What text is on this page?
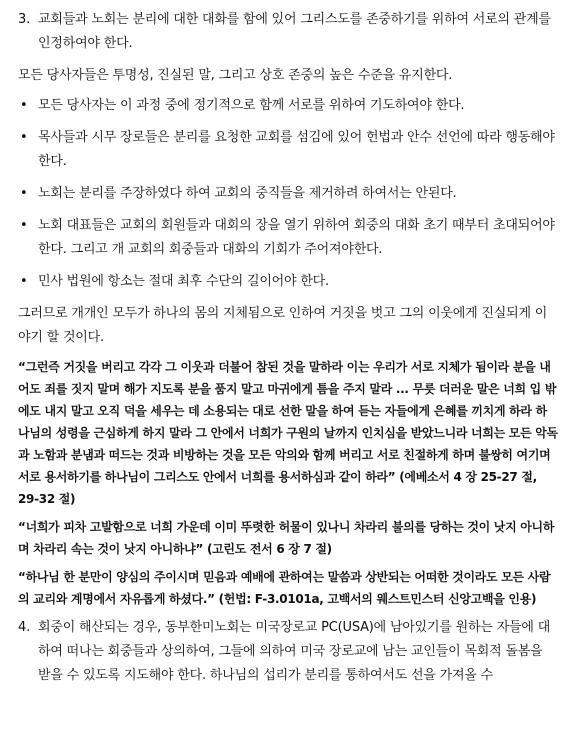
3. 교회들과 노회는 분리에 대한 대화를 함에 있어 그리스도를 존중하기를 위하여 서로의 관계를 인정하여야 한다.

모든 당사자들은 투명성, 진실된 말, 그리고 상호 존중의 높은 수준을 유지한다.

• 모든 당사자는 이 과정 중에 정기적으로 함께 서로를 위하여 기도하여야 한다.

• 목사들과 시무 장로들은 분리를 요청한 교회를 섬김에 있어 헌법과 안수 선언에 따라 행동해야 한다.

• 노회는 분리를 주장하였다 하여 교회의 중직들을 제거하려 하여서는 안된다.

• 노회 대표들은 교회의 회원들과 대회의 장을 열기 위하여 회중의 대화 초기 때부터 초대되어야 한다. 그리고 개 교회의 회중들과 대화의 기회가 주어져야한다.

• 민사 법원에 항소는 절대 최후 수단의 길이어야 한다.

그러므로 개개인 모두가 하나의 몸의 지체됨으로 인하여 거짓을 벗고 그의 이웃에게 진실되게 이야기 할 것이다.

“그런즉 거짓을 버리고 각각 그 이웃과 더불어 참된 것을 말하라 이는 우리가 서로 지체가 됨이라 분을 내어도 죄를 짓지 말며 해가 지도록 분을 품지 말고 마귀에게 틈을 주지 말라 ... 무릇 더러운 말은 너희 입 밖에도 내지 말고 오직 덕을 세우는 데 소용되는 대로 선한 말을 하여 듣는 자들에게 은혜를 끼치게 하라 하나님의 성령을 근심하게 하지 말라 그 안에서 너희가 구원의 날까지 인치심을 받았느니라 너희는 모든 악독과 노함과 분냄과 떠드는 것과 비방하는 것을 모든 악의와 함께 버리고 서로 친절하게 하며 불쌍히 여기며 서로 용서하기를 하나님이 그리스도 안에서 너희를 용서하심과 같이 하라” (에베소서 4 장 25-27 절, 29-32 절)

“너희가 피차 고발함으로 너희 가운데 이미 뚜렷한 허물이 있나니 차라리 불의를 당하는 것이 낫지 아니하며 차라리 속는 것이 낫지 아니하냐” (고린도 전서 6 장 7 절)

“하나님 한 분만이 양심의 주이시며 믿음과 예배에 관하여는 말씀과 상반되는 어떠한 것이라도 모든 사람의 교리와 계명에서 자유롭게 하셨다.” (헌법: F-3.0101a, 고백서의 웨스트민스터 신앙고백을 인용)

4. 회중이 해산되는 경우, 동부한미노회는 미국장로교 PC(USA)에 남아있기를 원하는 자들에 대하여 떠나는 회중들과 상의하여, 그들에 의하여 미국 장로교에 남는 교인들이 목회적 돌봄을 받을 수 있도록 지도해야 한다. 하나님의 섭리가 분리를 통하여서도 선을 가져올 수
